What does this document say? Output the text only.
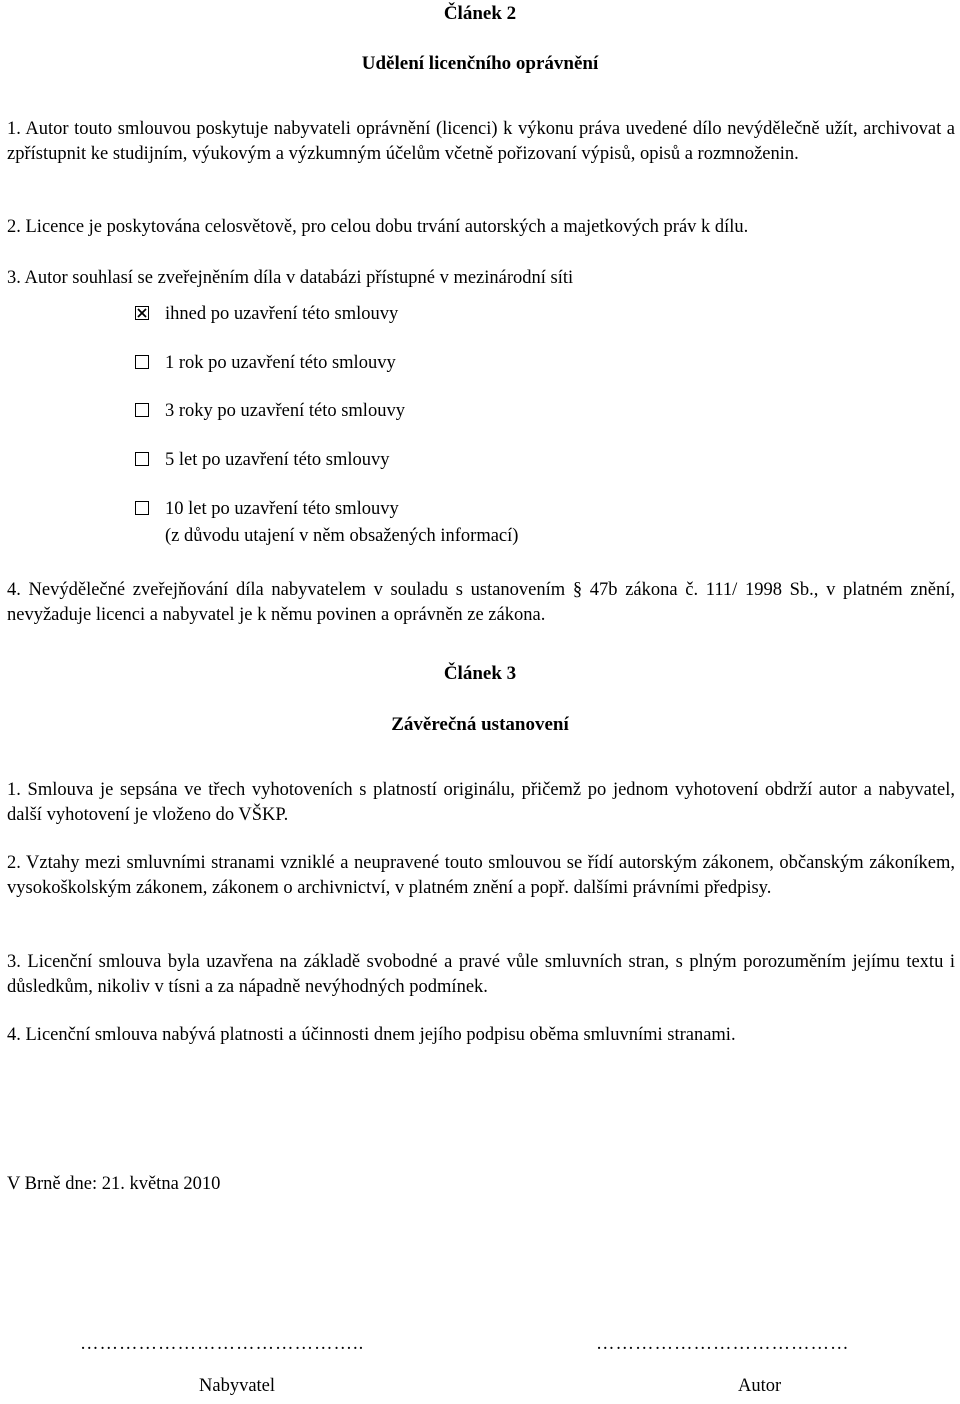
Článek 2
Udělení licenčního oprávnění
1. Autor touto smlouvou poskytuje nabyvateli oprávnění (licenci) k výkonu práva uvedené dílo nevýdělečně užít, archivovat a zpřístupnit ke studijním, výukovým a výzkumným účelům včetně pořizovaní výpisů, opisů a rozmnoženin.
2. Licence je poskytována celosvětově, pro celou dobu trvání autorských a majetkových práv k dílu.
3. Autor souhlasí se zveřejněním díla v databázi přístupné v mezinárodní síti
ihned po uzavření této smlouvy
1 rok po uzavření této smlouvy
3 roky po uzavření této smlouvy
5 let po uzavření této smlouvy
10 let po uzavření této smlouvy
(z důvodu utajení v něm obsažených informací)
4. Nevýdělečné zveřejňování díla nabyvatelem v souladu s ustanovením § 47b zákona č. 111/ 1998 Sb., v platném znění, nevyžaduje licenci a nabyvatel je k němu povinen a oprávněn ze zákona.
Článek 3
Závěrečná ustanovení
1. Smlouva je sepsána ve třech vyhotoveních s platností originálu, přičemž po jednom vyhotovení obdrží autor a nabyvatel, další vyhotovení je vloženo do VŠKP.
2. Vztahy mezi smluvními stranami vzniklé a neupravené touto smlouvou se řídí autorským zákonem, občanským zákoníkem, vysokoškolským zákonem, zákonem o archivnictví, v platném znění a popř. dalšími právními předpisy.
3. Licenční smlouva byla uzavřena na základě svobodné a pravé vůle smluvních stran, s plným porozuměním jejímu textu i důsledkům, nikoliv v tísni a za nápadně nevýhodných podmínek.
4. Licenční smlouva nabývá platnosti a účinnosti dnem jejího podpisu oběma smluvními stranami.
V Brně dne: 21. května 2010
……………………………………..	…………………………………
Nabyvatel	Autor
